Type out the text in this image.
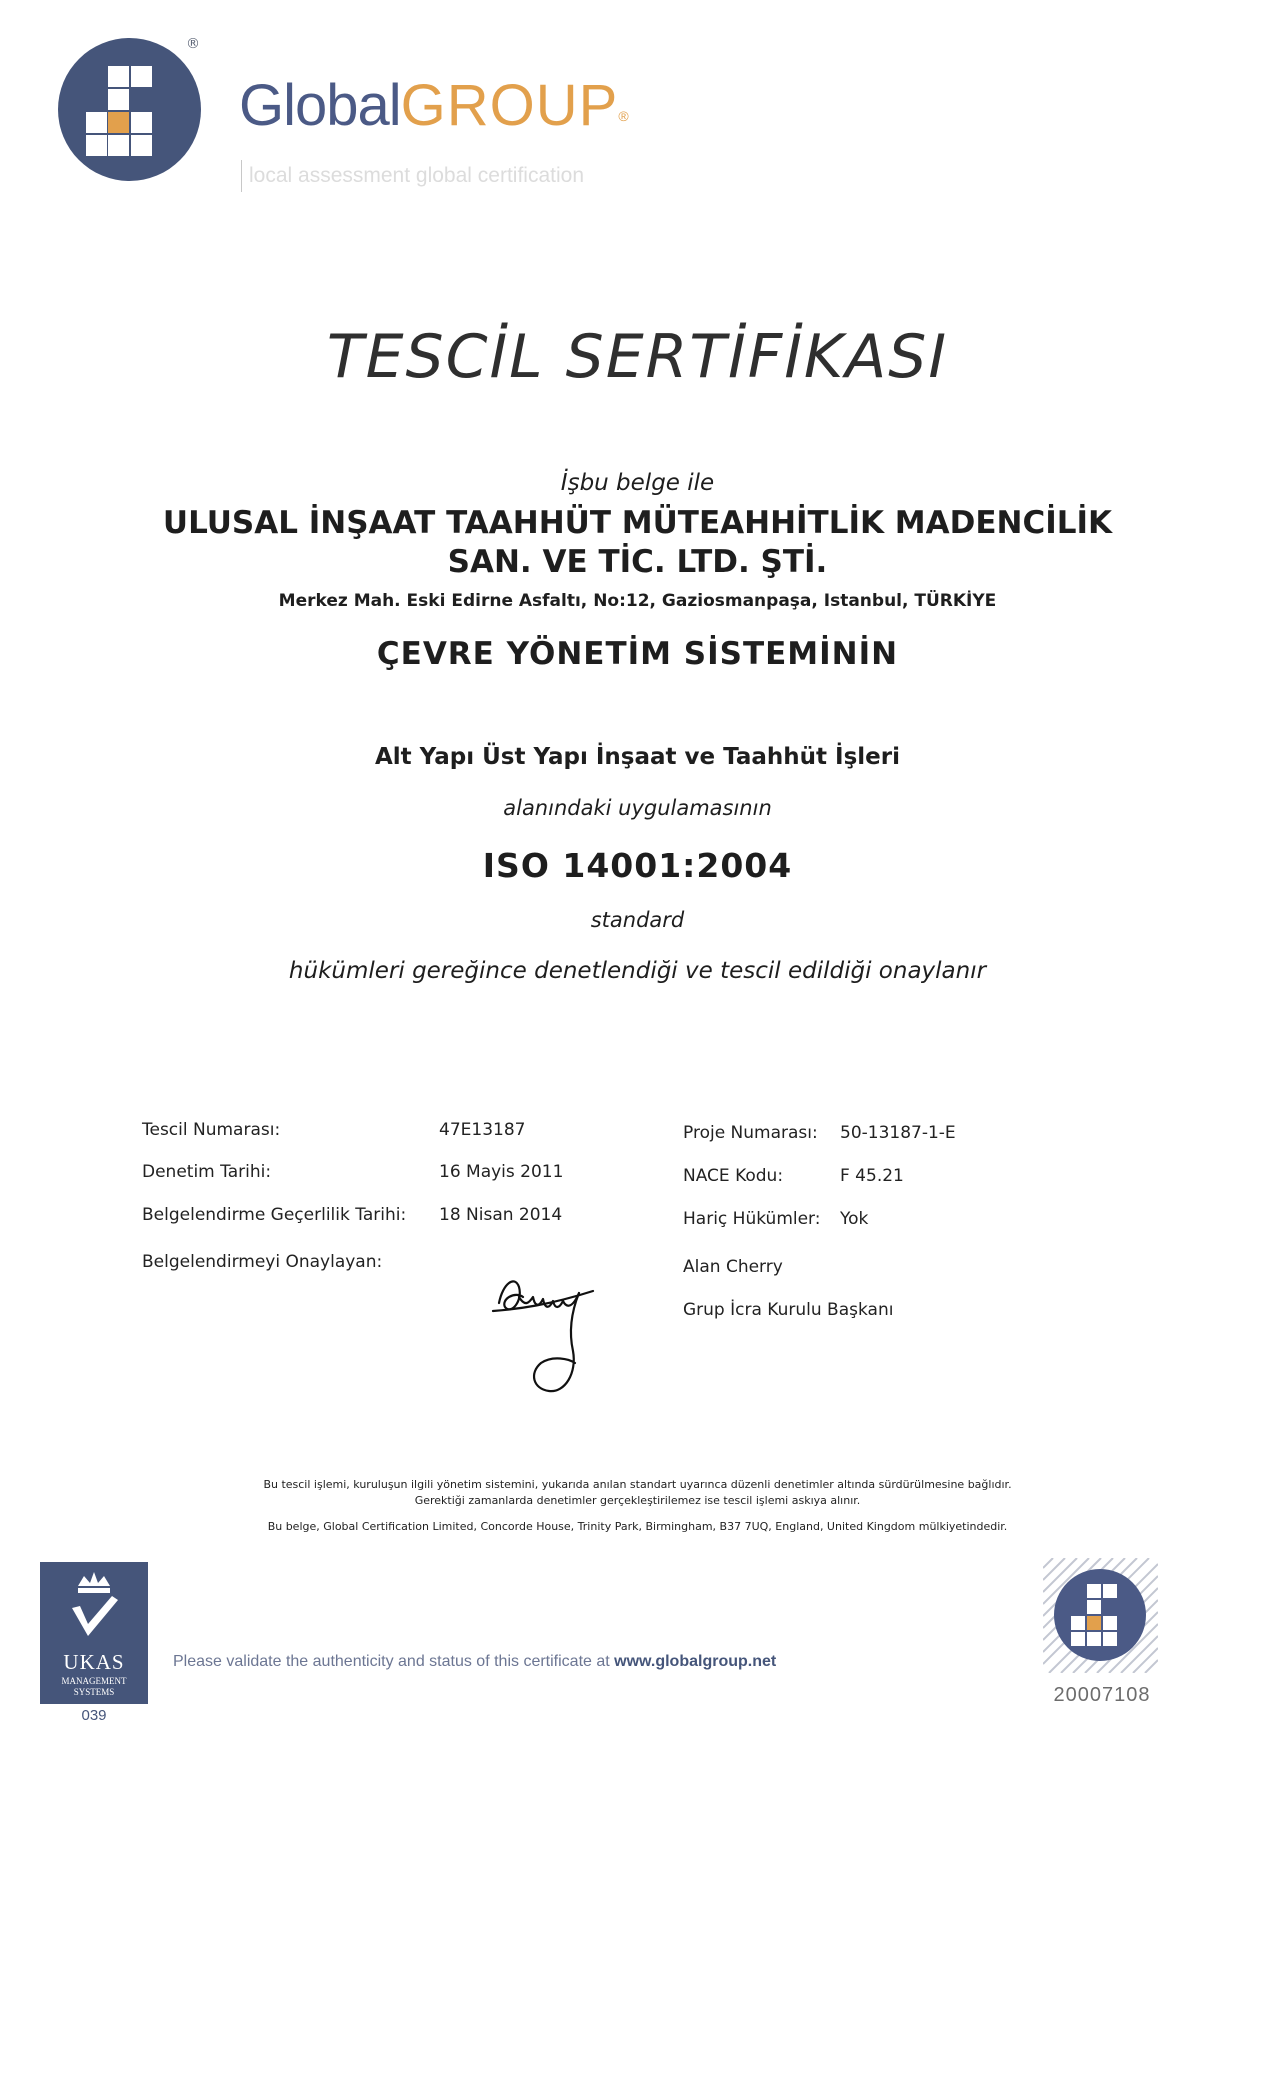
®
GlobalGROUP®
local assessment global certification
TESCİL SERTİFİKASI
İşbu belge ile
ULUSAL İNŞAAT TAAHHÜT MÜTEAHHİTLİK MADENCİLİK
SAN. VE TİC. LTD. ŞTİ.
Merkez Mah. Eski Edirne Asfaltı, No:12, Gaziosmanpaşa, Istanbul, TÜRKİYE
ÇEVRE YÖNETİM SİSTEMİNİN
Alt Yapı Üst Yapı İnşaat ve Taahhüt İşleri
alanındaki uygulamasının
ISO 14001:2004
standard
hükümleri gereğince denetlendiği ve tescil edildiği onaylanır
Tescil Numarası:	47E13187
Denetim Tarihi:	16 Mayis 2011
Belgelendirme Geçerlilik Tarihi: 18 Nisan 2014
Belgelendirmeyi Onaylayan:
Proje Numarası: 50-13187-1-E
NACE Kodu:	F 45.21
Hariç Hükümler: Yok
Alan Cherry
Grup İcra Kurulu Başkanı
Bu tescil işlemi, kuruluşun ilgili yönetim sistemini, yukarıda anılan standart uyarınca düzenli denetimler altında sürdürülmesine bağlıdır.
Gerektiği zamanlarda denetimler gerçekleştirilemez ise tescil işlemi askıya alınır.
Bu belge, Global Certification Limited, Concorde House, Trinity Park, Birmingham, B37 7UQ, England, United Kingdom mülkiyetindedir.
UKAS
MANAGEMENT
SYSTEMS
039
Please validate the authenticity and status of this certificate at www.globalgroup.net
20007108
